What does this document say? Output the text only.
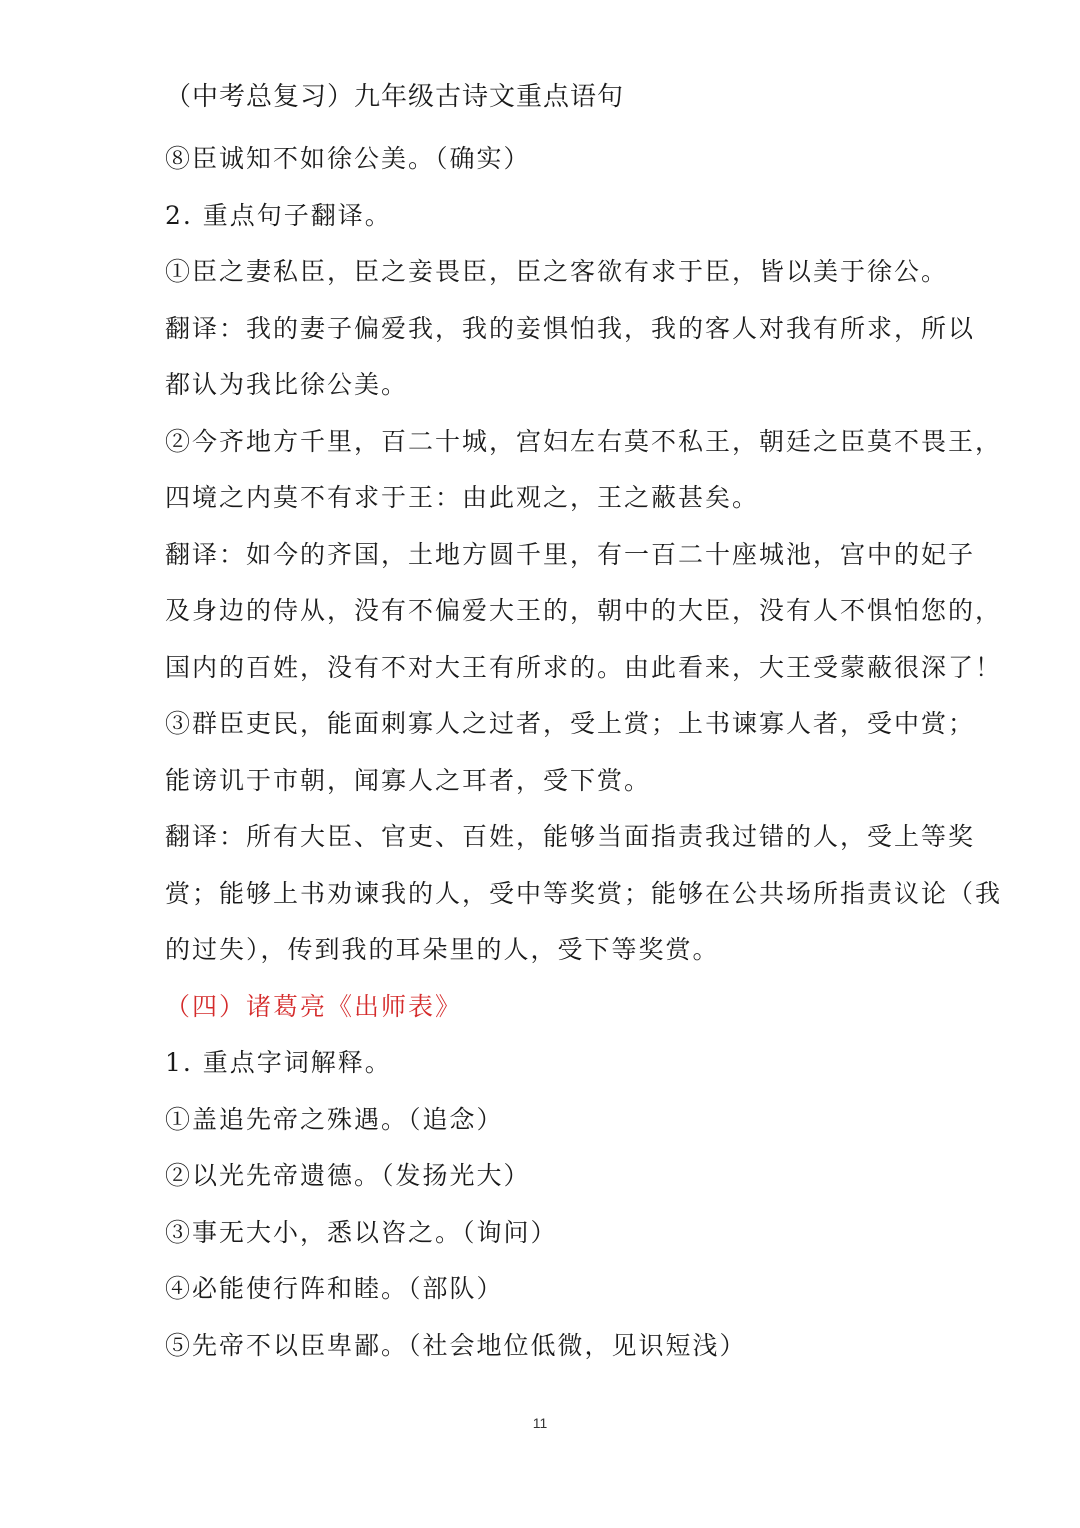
（中考总复习）九年级古诗文重点语句
⑧臣诚知不如徐公美。（确实）
2. 重点句子翻译。
①臣之妻私臣，臣之妾畏臣，臣之客欲有求于臣，皆以美于徐公。
翻译：我的妻子偏爱我，我的妾惧怕我，我的客人对我有所求，所以
都认为我比徐公美。
②今齐地方千里，百二十城，宫妇左右莫不私王，朝廷之臣莫不畏王，
四境之内莫不有求于王：由此观之，王之蔽甚矣。
翻译：如今的齐国，土地方圆千里，有一百二十座城池，宫中的妃子
及身边的侍从，没有不偏爱大王的，朝中的大臣，没有人不惧怕您的，
国内的百姓，没有不对大王有所求的。由此看来，大王受蒙蔽很深了！
③群臣吏民，能面刺寡人之过者，受上赏；上书谏寡人者，受中赏；
能谤讥于市朝，闻寡人之耳者，受下赏。
翻译：所有大臣、官吏、百姓，能够当面指责我过错的人，受上等奖
赏；能够上书劝谏我的人，受中等奖赏；能够在公共场所指责议论（我
的过失），传到我的耳朵里的人，受下等奖赏。
（四）诸葛亮《出师表》
1. 重点字词解释。
①盖追先帝之殊遇。（追念）
②以光先帝遗德。（发扬光大）
③事无大小，悉以咨之。（询问）
④必能使行阵和睦。（部队）
⑤先帝不以臣卑鄙。（社会地位低微，见识短浅）
11
